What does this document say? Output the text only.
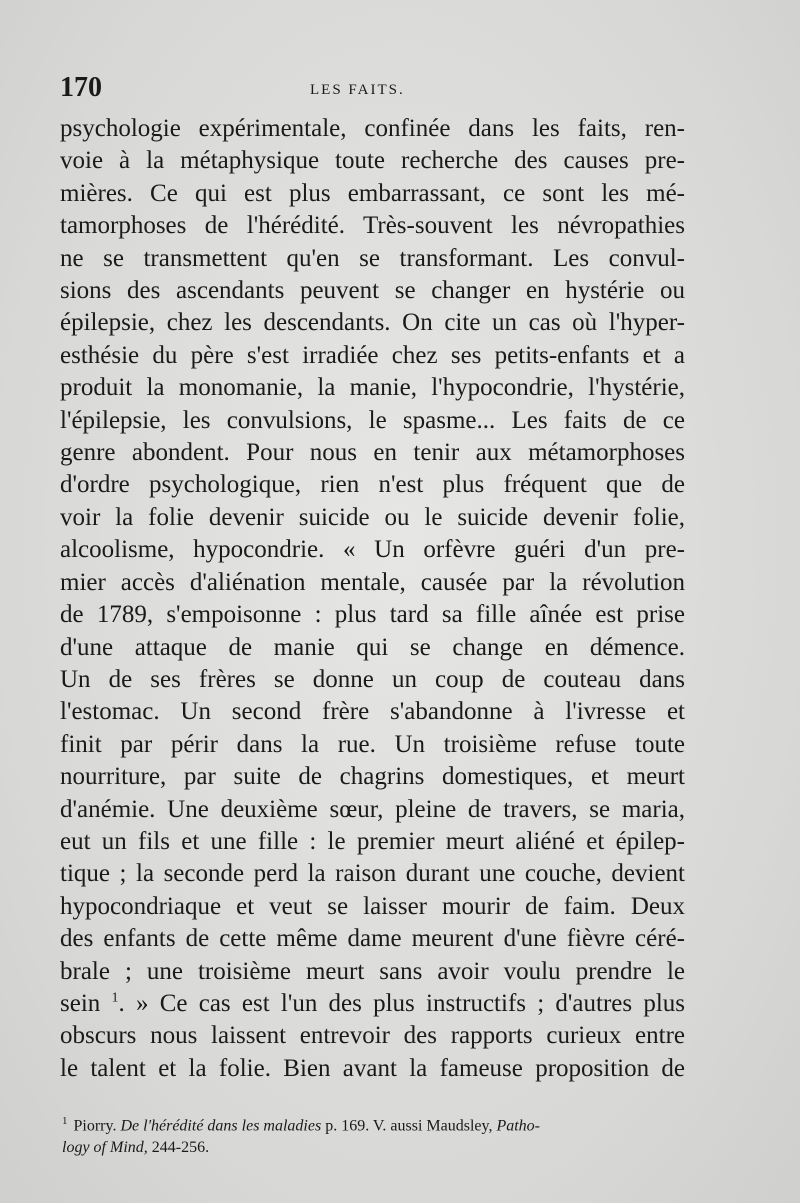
170	LES FAITS.
psychologie expérimentale, confinée dans les faits, ren-
voie à la métaphysique toute recherche des causes pre-
mières. Ce qui est plus embarrassant, ce sont les mé-
tamorphoses de l'hérédité. Très-souvent les névropathies
ne se transmettent qu'en se transformant. Les convul-
sions des ascendants peuvent se changer en hystérie ou
épilepsie, chez les descendants. On cite un cas où l'hyper-
esthésie du père s'est irradiée chez ses petits-enfants et a
produit la monomanie, la manie, l'hypocondrie, l'hystérie,
l'épilepsie, les convulsions, le spasme... Les faits de ce
genre abondent. Pour nous en tenir aux métamorphoses
d'ordre psychologique, rien n'est plus fréquent que de
voir la folie devenir suicide ou le suicide devenir folie,
alcoolisme, hypocondrie. « Un orfèvre guéri d'un pre-
mier accès d'aliénation mentale, causée par la révolution
de 1789, s'empoisonne : plus tard sa fille aînée est prise
d'une attaque de manie qui se change en démence.
Un de ses frères se donne un coup de couteau dans
l'estomac. Un second frère s'abandonne à l'ivresse et
finit par périr dans la rue. Un troisième refuse toute
nourriture, par suite de chagrins domestiques, et meurt
d'anémie. Une deuxième sœur, pleine de travers, se maria,
eut un fils et une fille : le premier meurt aliéné et épilep-
tique ; la seconde perd la raison durant une couche, devient
hypocondriaque et veut se laisser mourir de faim. Deux
des enfants de cette même dame meurent d'une fièvre céré-
brale ; une troisième meurt sans avoir voulu prendre le
sein $^1$. » Ce cas est l'un des plus instructifs ; d'autres plus
obscurs nous laissent entrevoir des rapports curieux entre
le talent et la folie. Bien avant la fameuse proposition de
$^1$ Piorry. De l'hérédité dans les maladies p. 169. V. aussi Maudsley, Patho-
logy of Mind, 244-256.
